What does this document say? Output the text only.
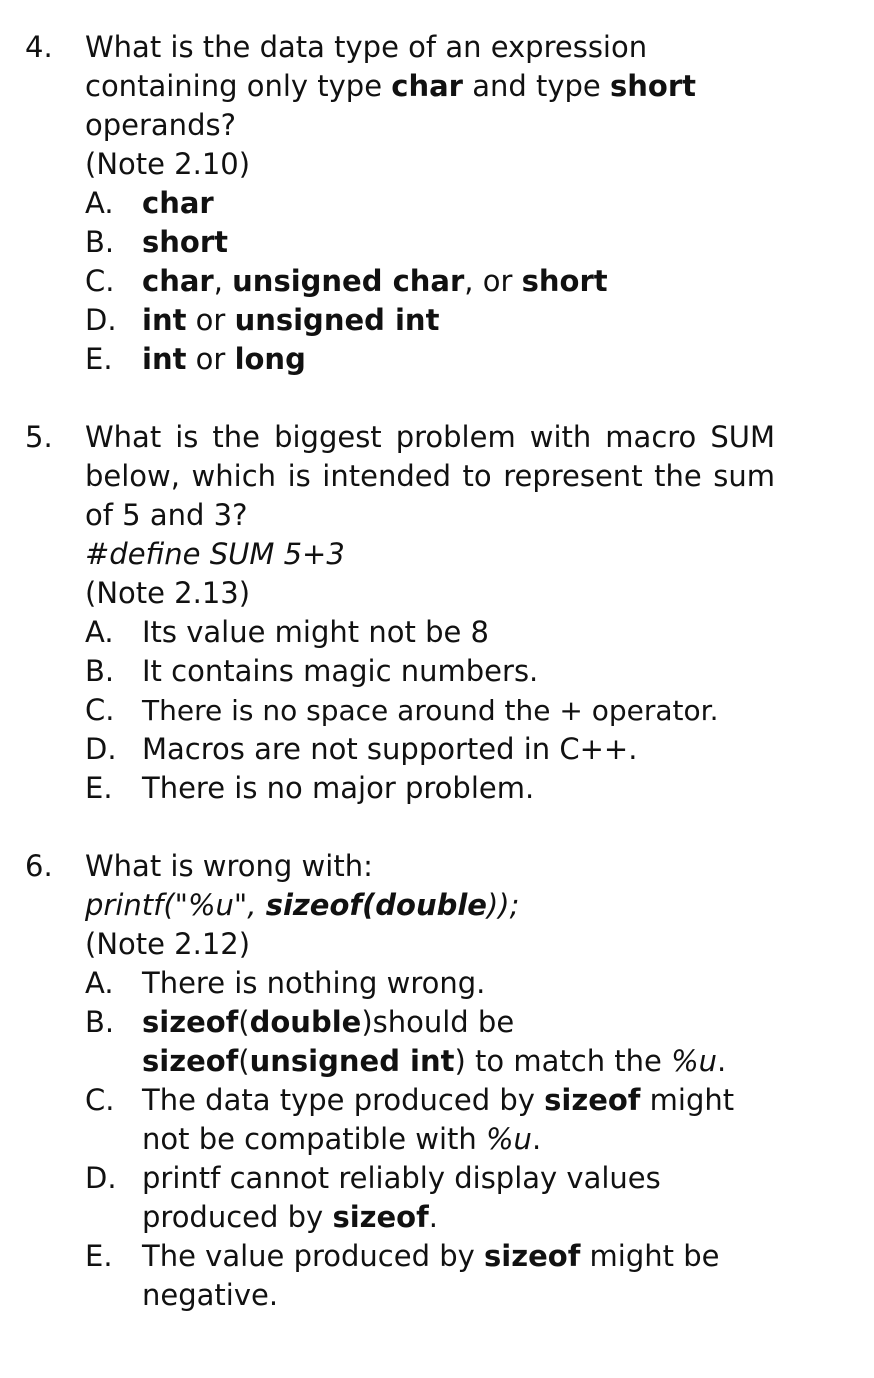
4.	What is the data type of an expression containing only type char and type short operands?
(Note 2.10)
A. char
B. short
C. char, unsigned char, or short
D. int or unsigned int
E.	int or long
5.	What is the biggest problem with macro SUM below, which is intended to represent the sum of 5 and 3?
#define SUM 5+3
(Note 2.13)
A. Its value might not be 8
B. It contains magic numbers.
C. There is no space around the + operator.
D. Macros are not supported in C++.
E.	There is no major problem.
6.	What is wrong with:
printf("%u", sizeof(double));
(Note 2.12)
A. There is nothing wrong.
B. sizeof(double)should be
sizeof(unsigned int) to match the %u.
C. The data type produced by sizeof might not be compatible with %u.
D. printf cannot reliably display values produced by sizeof.
E.	The value produced by sizeof might be negative.
